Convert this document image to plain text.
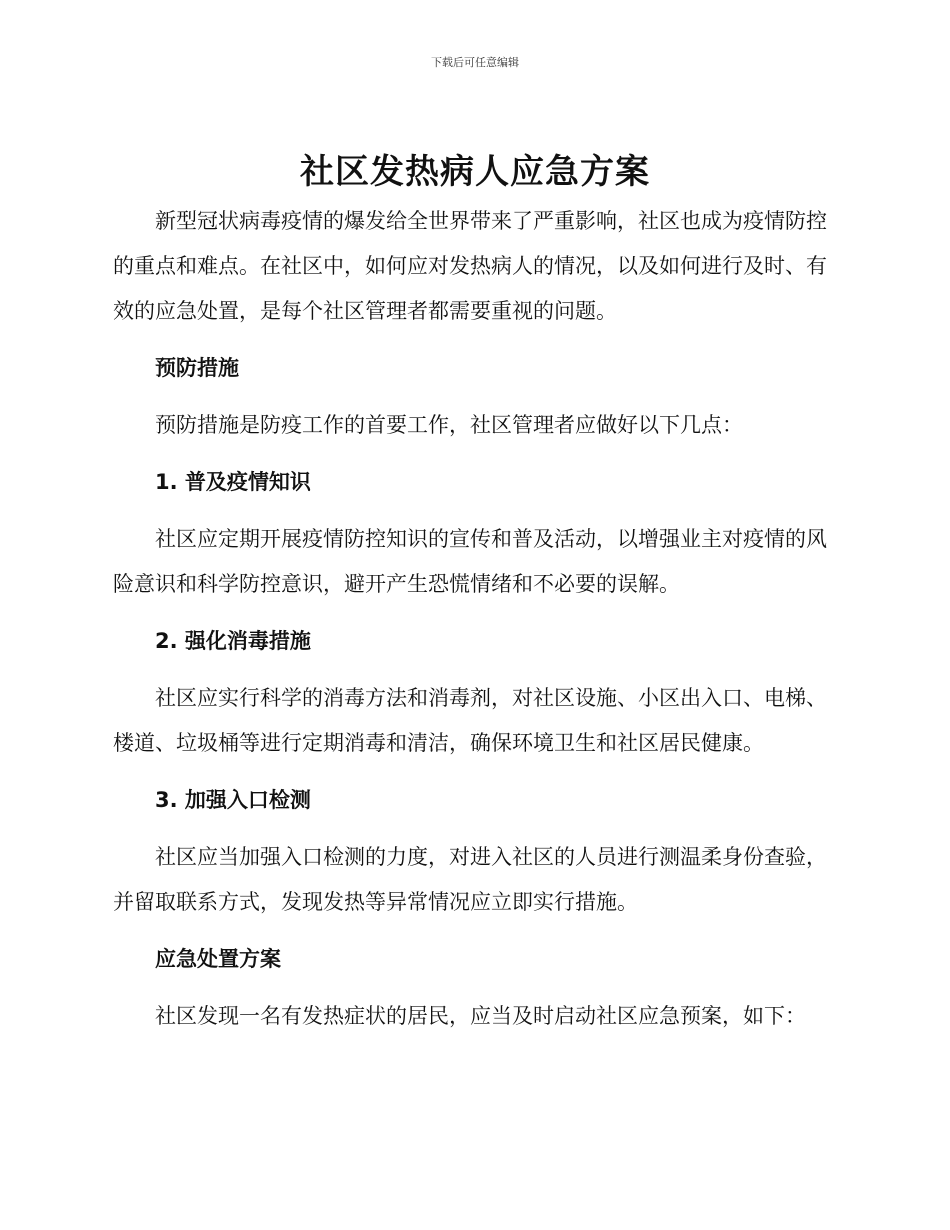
下载后可任意编辑
社区发热病人应急方案

新型冠状病毒疫情的爆发给全世界带来了严重影响，社区也成为疫情防控的重点和难点。在社区中，如何应对发热病人的情况，以及如何进行及时、有效的应急处置，是每个社区管理者都需要重视的问题。

预防措施

预防措施是防疫工作的首要工作，社区管理者应做好以下几点：

1. 普及疫情知识

社区应定期开展疫情防控知识的宣传和普及活动，以增强业主对疫情的风险意识和科学防控意识，避开产生恐慌情绪和不必要的误解。

2. 强化消毒措施

社区应实行科学的消毒方法和消毒剂，对社区设施、小区出入口、电梯、楼道、垃圾桶等进行定期消毒和清洁，确保环境卫生和社区居民健康。

3. 加强入口检测

社区应当加强入口检测的力度，对进入社区的人员进行测温柔身份查验，并留取联系方式，发现发热等异常情况应立即实行措施。

应急处置方案

社区发现一名有发热症状的居民，应当及时启动社区应急预案，如下：
